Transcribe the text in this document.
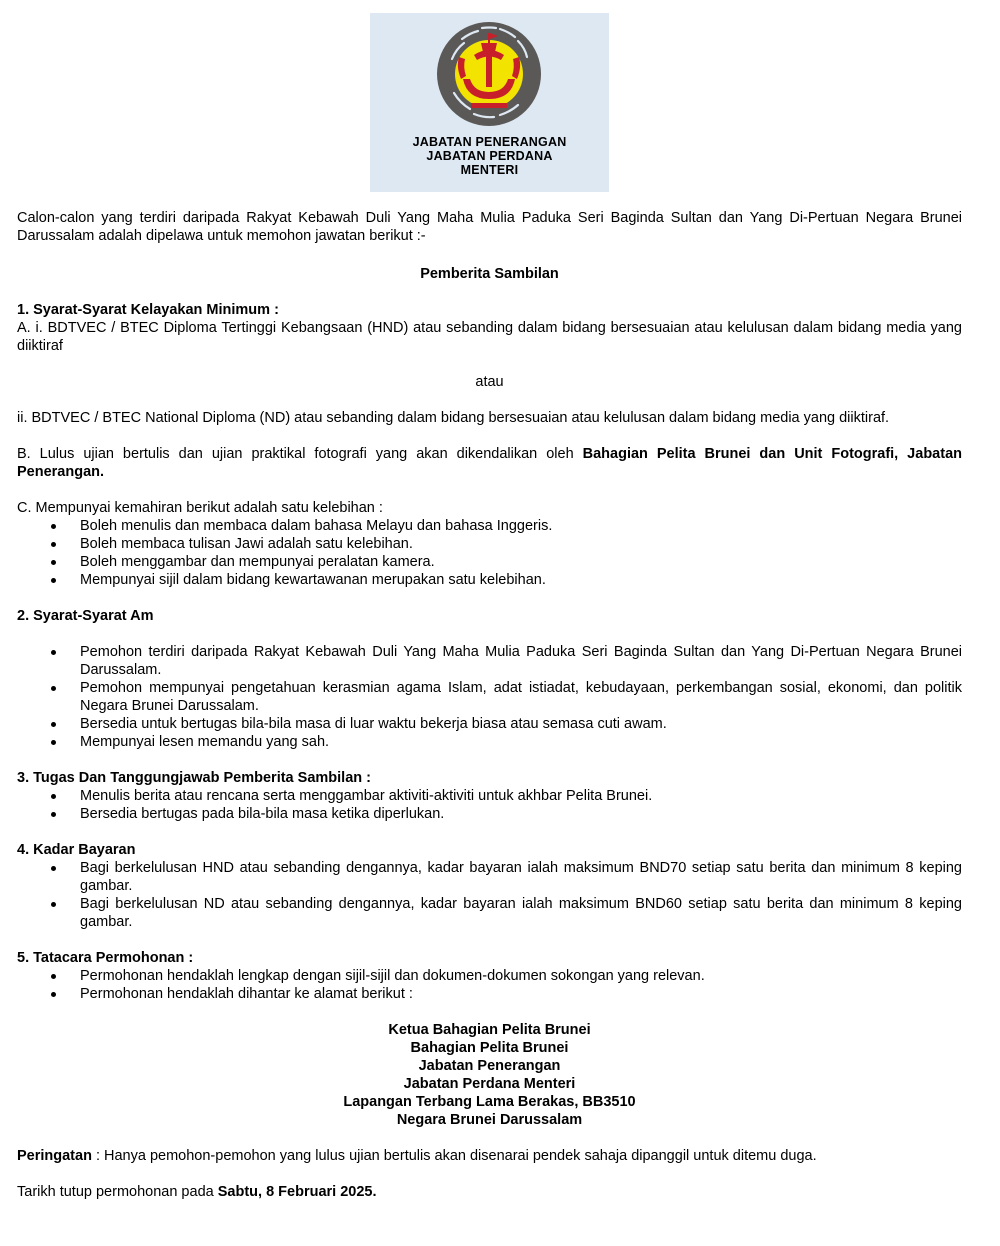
JABATAN PENERANGAN
JABATAN PERDANA
MENTERI

Calon-calon yang terdiri daripada Rakyat Kebawah Duli Yang Maha Mulia Paduka Seri Baginda Sultan dan Yang Di-Pertuan Negara Brunei Darussalam adalah dipelawa untuk memohon jawatan berikut :-

Pemberita Sambilan

1. Syarat-Syarat Kelayakan Minimum :

A. i. BDTVEC / BTEC Diploma Tertinggi Kebangsaan (HND) atau sebanding dalam bidang bersesuaian atau kelulusan dalam bidang media yang diiktiraf

atau

ii. BDTVEC / BTEC National Diploma (ND) atau sebanding dalam bidang bersesuaian atau kelulusan dalam bidang media yang diiktiraf.

B. Lulus ujian bertulis dan ujian praktikal fotografi yang akan dikendalikan oleh Bahagian Pelita Brunei dan Unit Fotografi, Jabatan Penerangan.

C. Mempunyai kemahiran berikut adalah satu kelebihan :

Boleh menulis dan membaca dalam bahasa Melayu dan bahasa Inggeris.
Boleh membaca tulisan Jawi adalah satu kelebihan.
Boleh menggambar dan mempunyai peralatan kamera.
Mempunyai sijil dalam bidang kewartawanan merupakan satu kelebihan.

2. Syarat-Syarat Am

Pemohon terdiri daripada Rakyat Kebawah Duli Yang Maha Mulia Paduka Seri Baginda Sultan dan Yang Di-Pertuan Negara Brunei Darussalam.
Pemohon mempunyai pengetahuan kerasmian agama Islam, adat istiadat, kebudayaan, perkembangan sosial, ekonomi, dan politik Negara Brunei Darussalam.
Bersedia untuk bertugas bila-bila masa di luar waktu bekerja biasa atau semasa cuti awam.
Mempunyai lesen memandu yang sah.

3. Tugas Dan Tanggungjawab Pemberita Sambilan :

Menulis berita atau rencana serta menggambar aktiviti-aktiviti untuk akhbar Pelita Brunei.
Bersedia bertugas pada bila-bila masa ketika diperlukan.

4. Kadar Bayaran

Bagi berkelulusan HND atau sebanding dengannya, kadar bayaran ialah maksimum BND70 setiap satu berita dan minimum 8 keping gambar.
Bagi berkelulusan ND atau sebanding dengannya, kadar bayaran ialah maksimum BND60 setiap satu berita dan minimum 8 keping gambar.

5. Tatacara Permohonan :

Permohonan hendaklah lengkap dengan sijil-sijil dan dokumen-dokumen sokongan yang relevan.
Permohonan hendaklah dihantar ke alamat berikut :
Ketua Bahagian Pelita Brunei
Bahagian Pelita Brunei
Jabatan Penerangan
Jabatan Perdana Menteri
Lapangan Terbang Lama Berakas, BB3510
Negara Brunei Darussalam

Peringatan : Hanya pemohon-pemohon yang lulus ujian bertulis akan disenarai pendek sahaja dipanggil untuk ditemu duga.

Tarikh tutup permohonan pada Sabtu, 8 Februari 2025.
